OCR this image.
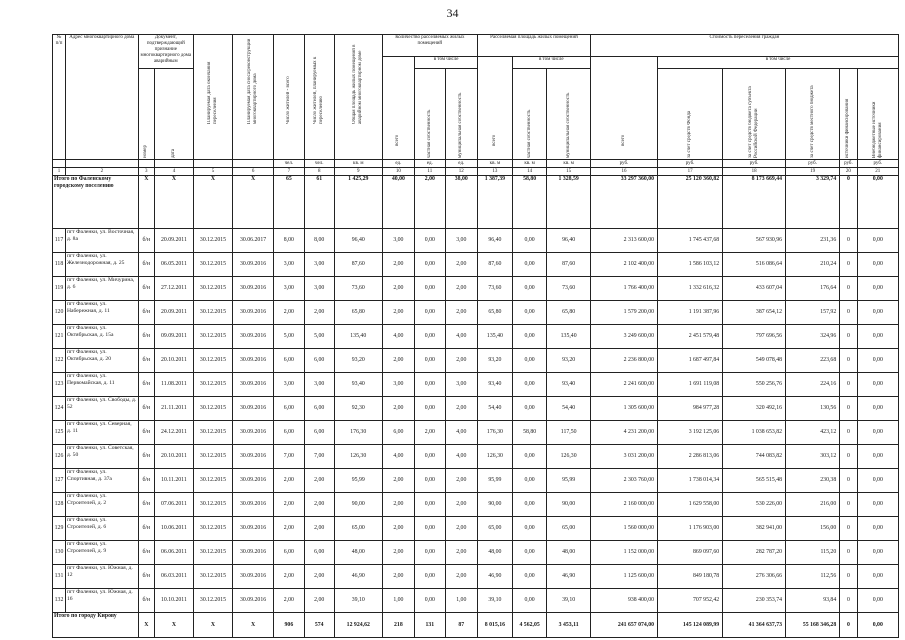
34
№ п/п	Адрес многоквартирного дома	Документ, подтверждающий признание многоквартирного дома аварийным		Планируемая дата окончания переселения	Планируемая дата сноса/реконструкции многоквартирного дома	Число жителей - всего	Число жителей, планируемых к переселению	Общая площадь жилых помещений в аварийном многоквартирном доме	Количество расселяемых жилых помещений			Расселяемая площадь жилых помещений			Стоимость переселения граждан					

									всего	в том числе		всего	в том числе		всего	в том числе				

		номер	дата							частная собственность	муниципальная собственность		частная собственность	муниципальная собственность		за счет средств Фонда	за счет средств бюджета субъекта Российской Федерации	за счет средств местного бюджета	источники финансирования	Внебюджетные источники финансирования

						чел.	чел.	кв. м	ед.	ед.	ед.	кв. м	кв. м	кв. м	руб.	руб.	руб.	руб.	руб.	руб.
1	2	3	4	5	6	7	8	9	10	11	12	13	14	15	16	17	18	19	20	21
Итого по Фаленскому городскому поселению		X	X	X	X	65	61	1 425,29	40,00	2,00	38,00	1 387,39	58,80	1 328,59	33 297 360,00	25 120 360,82	8 173 669,44	3 329,74	0	0,00
117	пгт Фаленки, ул. Восточная, д. 8а	б/н	20.09.2011	30.12.2015	30.06.2017	8,00	8,00	96,40	3,00	0,00	3,00	96,40	0,00	96,40	2 313 600,00	1 745 437,68	567 930,96	231,36	0	0,00
118	пгт Фаленки, ул. Железнодорожная, д. 25	б/н	06.05.2011	30.12.2015	30.09.2016	3,00	3,00	87,60	2,00	0,00	2,00	87,60	0,00	87,60	2 102 400,00	1 586 103,12	516 086,64	210,24	0	0,00
119	пгт Фаленки, ул. Мичурина, д. 6	б/н	27.12.2011	30.12.2015	30.09.2016	3,00	3,00	73,60	2,00	0,00	2,00	73,60	0,00	73,60	1 766 400,00	1 332 616,32	433 607,04	176,64	0	0,00
120	пгт Фаленки, ул. Набережная, д. 11	б/н	20.09.2011	30.12.2015	30.09.2016	2,00	2,00	65,80	2,00	0,00	2,00	65,80	0,00	65,80	1 579 200,00	1 191 387,96	387 654,12	157,92	0	0,00
121	пгт Фаленки, ул. Октябрьская, д. 15а	б/н	09.09.2011	30.12.2015	30.09.2016	5,00	5,00	135,40	4,00	0,00	4,00	135,40	0,00	135,40	3 249 600,00	2 451 579,48	797 696,56	324,96	0	0,00
122	пгт Фаленки, ул. Октябрьская, д. 20	б/н	20.10.2011	30.12.2015	30.09.2016	6,00	6,00	93,20	2,00	0,00	2,00	93,20	0,00	93,20	2 236 800,00	1 687 497,84	549 078,48	223,68	0	0,00
123	пгт Фаленки, ул. Первомайская, д. 11	б/н	11.08.2011	30.12.2015	30.09.2016	3,00	3,00	93,40	3,00	0,00	3,00	93,40	0,00	93,40	2 241 600,00	1 691 119,08	550 256,76	224,16	0	0,00
124	пгт Фаленки, ул. Свободы, д. 52	б/н	21.11.2011	30.12.2015	30.09.2016	6,00	6,00	92,30	2,00	0,00	2,00	54,40	0,00	54,40	1 305 600,00	984 977,28	320 492,16	130,56	0	0,00
125	пгт Фаленки, ул. Северная, д. 11	б/н	24.12.2011	30.12.2015	30.09.2016	6,00	6,00	176,30	6,00	2,00	4,00	176,30	58,80	117,50	4 231 200,00	3 192 125,06	1 038 653,82	423,12	0	0,00
126	пгт Фаленки, ул. Советская, д. 50	б/н	20.10.2011	30.12.2015	30.09.2016	7,00	7,00	126,30	4,00	0,00	4,00	126,30	0,00	126,30	3 031 200,00	2 286 813,06	744 083,82	303,12	0	0,00
127	пгт Фаленки, ул. Спортивная, д. 37а	б/н	10.11.2011	30.12.2015	30.09.2016	2,00	2,00	95,99	2,00	0,00	2,00	95,99	0,00	95,99	2 303 760,00	1 738 014,34	565 515,48	230,38	0	0,00
128	пгт Фаленки, ул. Строителей, д. 2	б/н	07.06.2011	30.12.2015	30.09.2016	2,00	2,00	90,00	2,00	0,00	2,00	90,00	0,00	90,00	2 160 000,00	1 629 558,00	530 226,00	216,00	0	0,00
129	пгт Фаленки, ул. Строителей, д. 6	б/н	10.06.2011	30.12.2015	30.09.2016	2,00	2,00	65,00	2,00	0,00	2,00	65,00	0,00	65,00	1 560 000,00	1 176 903,00	382 941,00	156,00	0	0,00
130	пгт Фаленки, ул. Строителей, д. 9	б/н	06.06.2011	30.12.2015	30.09.2016	6,00	6,00	48,00	2,00	0,00	2,00	48,00	0,00	48,00	1 152 000,00	869 097,60	282 787,20	115,20	0	0,00
131	пгт Фаленки, ул. Южная, д. 12	б/н	06.03.2011	30.12.2015	30.09.2016	2,00	2,00	46,90	2,00	0,00	2,00	46,90	0,00	46,90	1 125 600,00	849 180,78	276 306,66	112,56	0	0,00
132	пгт Фаленки, ул. Южная, д. 16	б/н	10.10.2011	30.12.2015	30.09.2016	2,00	2,00	39,10	1,00	0,00	1,00	39,10	0,00	39,10	938 400,00	707 952,42	230 353,74	93,84	0	0,00
Итого по городу Кирову		X	X	X	X	906	574	12 924,62	218	131	87	8 015,16	4 562,05	3 453,11	241 657 074,00	145 124 089,99	41 364 637,73	55 168 346,28	0	0,00
